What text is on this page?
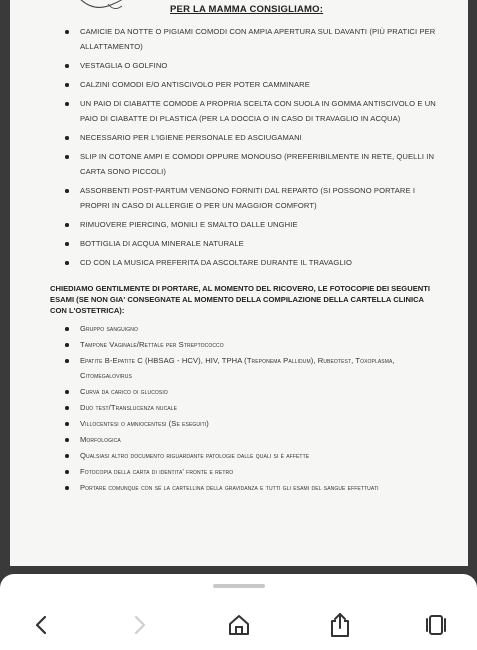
PER LA MAMMA CONSIGLIAMO:
CAMICIE DA NOTTE O PIGIAMI COMODI CON AMPIA APERTURA SUL DAVANTI (PIÙ PRATICI PER ALLATTAMENTO)
VESTAGLIA O GOLFINO
CALZINI COMODI E/O ANTISCIVOLO PER POTER CAMMINARE
UN PAIO DI CIABATTE COMODE A PROPRIA SCELTA CON SUOLA IN GOMMA ANTISCIVOLO E UN PAIO DI CIABATTE DI PLASTICA (PER LA DOCCIA O IN CASO DI TRAVAGLIO IN ACQUA)
NECESSARIO PER L'IGIENE PERSONALE ED ASCIUGAMANI
SLIP IN COTONE AMPI E COMODI OPPURE MONOUSO (PREFERIBILMENTE IN RETE, QUELLI IN CARTA SONO PICCOLI)
ASSORBENTI POST-PARTUM VENGONO FORNITI DAL REPARTO (SI POSSONO PORTARE I PROPRI IN CASO DI ALLERGIE O PER UN MAGGIOR COMFORT)
RIMUOVERE PIERCING, MONILI E SMALTO DALLE UNGHIE
BOTTIGLIA DI ACQUA MINERALE NATURALE
CD CON LA MUSICA PREFERITA DA ASCOLTARE DURANTE IL TRAVAGLIO
CHIEDIAMO GENTILMENTE DI PORTARE, AL MOMENTO DEL RICOVERO, LE FOTOCOPIE DEI SEGUENTI ESAMI (SE NON GIA' CONSEGNATE AL MOMENTO DELLA COMPILAZIONE DELLA CARTELLA CLINICA CON L'OSTETRICA):
Gruppo sanguigno
Tampone Vaginale/Rettale per Streptococco
Epatite B-Epatite C (HBSAG - HCV), HIV, TPHA (Treponema Pallidum), Rubeotest, Toxoplasma, Citomegalovirus
Curva da carico di glucosio
Duo test/Translucenza nucale
Villocentesi o amniocentesi (Se eseguiti)
Morfologica
Qualsiasi altro documento riguardante patologie dalle quali si è affette
Fotocopia della carta di identita' fronte e retro
Portare comunque con sé la cartellina della gravidanza e tutti gli esami del sangue effettuati
